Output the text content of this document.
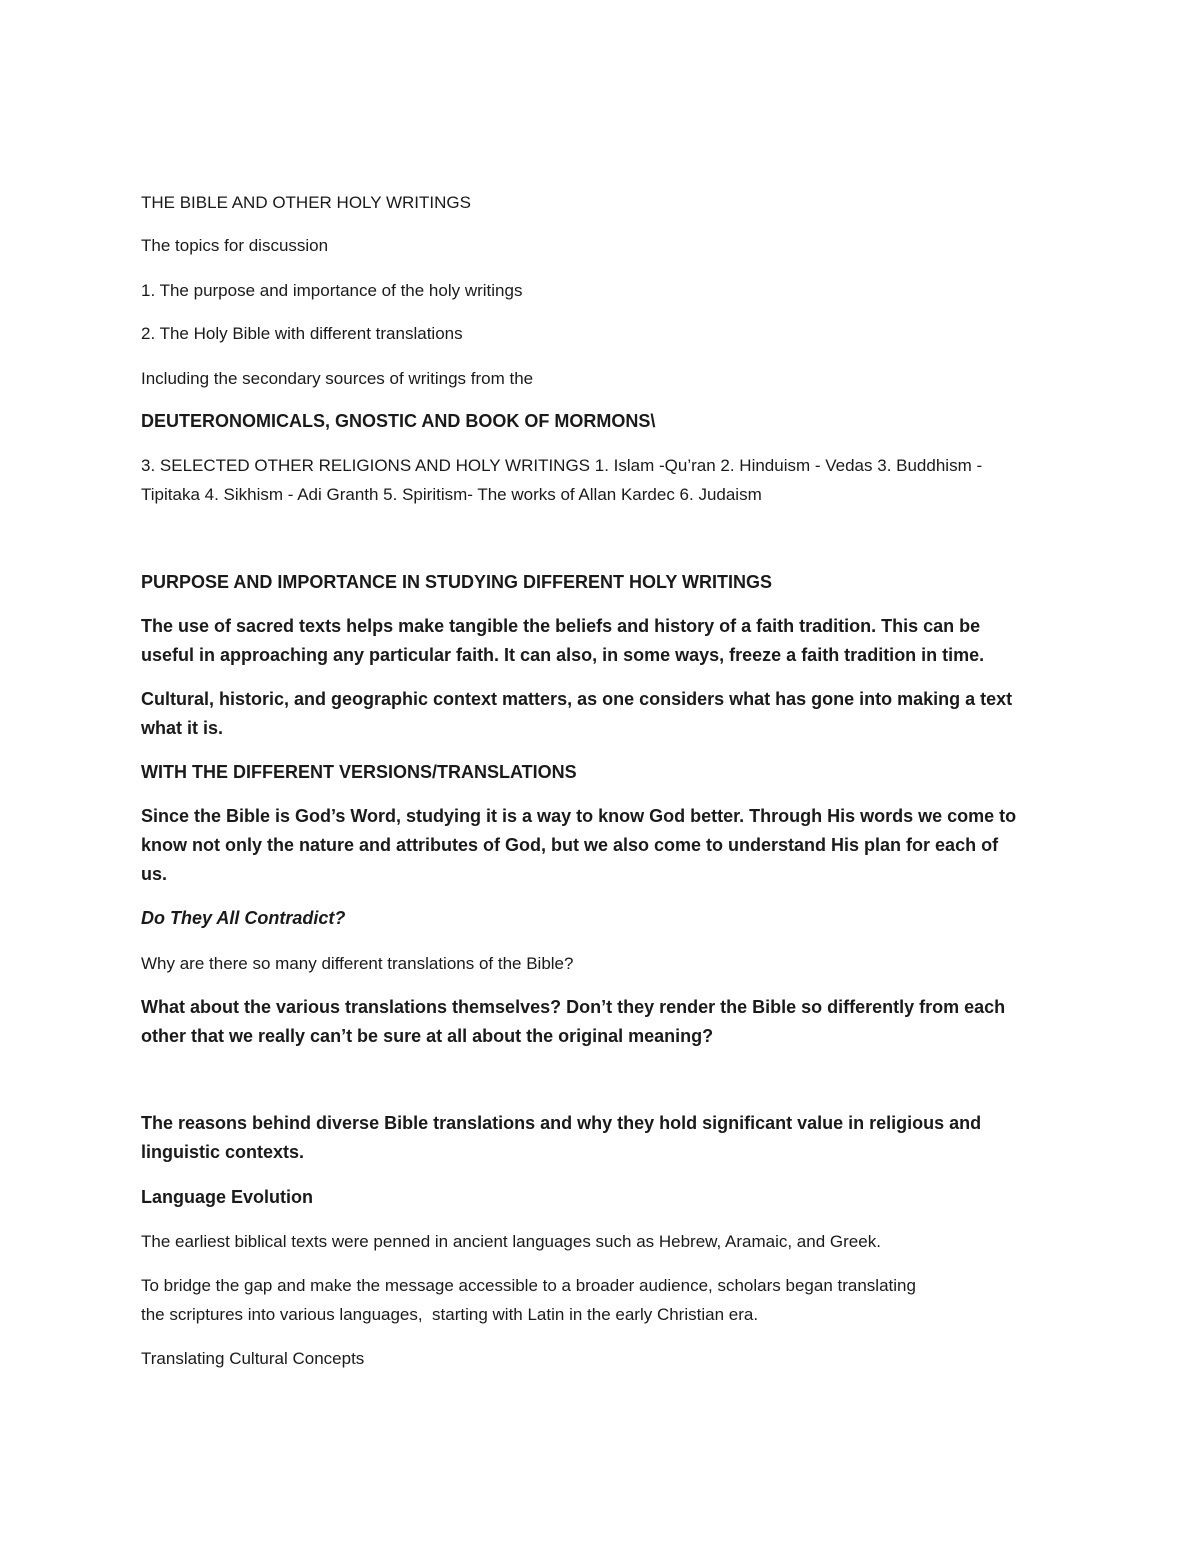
THE BIBLE AND OTHER HOLY WRITINGS

The topics for discussion

1. The purpose and importance of the holy writings

2. The Holy Bible with different translations

Including the secondary sources of writings from the

DEUTERONOMICALS, GNOSTIC AND BOOK OF MORMONS\

3. SELECTED OTHER RELIGIONS AND HOLY WRITINGS 1. Islam -Qu’ran 2. Hinduism - Vedas 3. Buddhism -

Tipitaka 4. Sikhism - Adi Granth 5. Spiritism- The works of Allan Kardec 6. Judaism

PURPOSE AND IMPORTANCE IN STUDYING DIFFERENT HOLY WRITINGS

The use of sacred texts helps make tangible the beliefs and history of a faith tradition. This can be

useful in approaching any particular faith. It can also, in some ways, freeze a faith tradition in time.

Cultural, historic, and geographic context matters, as one considers what has gone into making a text

what it is.

WITH THE DIFFERENT VERSIONS/TRANSLATIONS

Since the Bible is God’s Word, studying it is a way to know God better. Through His words we come to

know not only the nature and attributes of God, but we also come to understand His plan for each of

us.

Do They All Contradict?

Why are there so many different translations of the Bible?

What about the various translations themselves? Don’t they render the Bible so differently from each

other that we really can’t be sure at all about the original meaning?

The reasons behind diverse Bible translations and why they hold significant value in religious and

linguistic contexts.

Language Evolution

The earliest biblical texts were penned in ancient languages such as Hebrew, Aramaic, and Greek.

To bridge the gap and make the message accessible to a broader audience, scholars began translating

the scriptures into various languages,  starting with Latin in the early Christian era.

Translating Cultural Concepts
